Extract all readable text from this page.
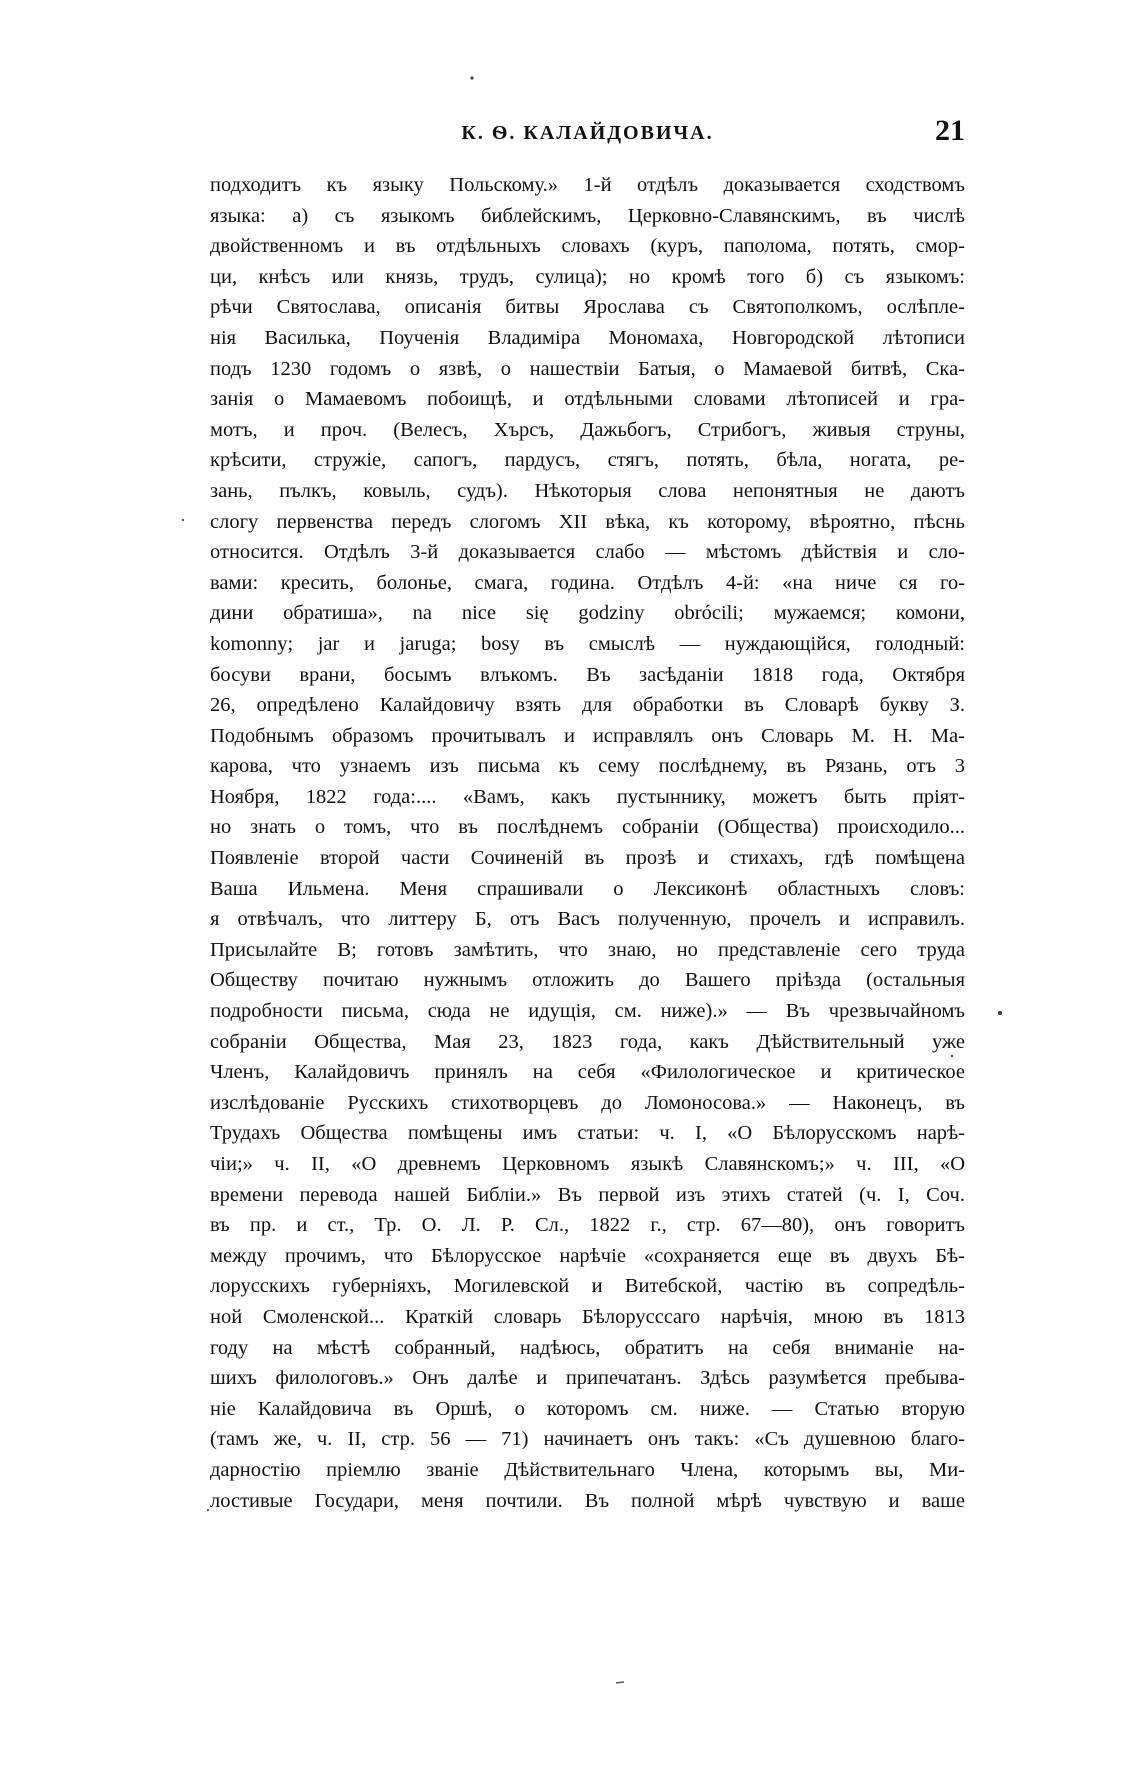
К. Ѳ. КАЛАЙДОВИЧА.	21
подходитъ къ языку Польскому.» 1-й отдѣлъ доказывается сходствомъ
языка: а) съ языкомъ библейскимъ, Церковно-Славянскимъ, въ числѣ
двойственномъ и въ отдѣльныхъ словахъ (куръ, паполома, потять, смор-
ци, кнѣсъ или князь, трудъ, сулица); но кромѣ того б) съ языкомъ:
рѣчи Святослава, описанія битвы Ярослава съ Святополкомъ, ослѣпле-
нія Василька, Поученія Владиміра Мономаха, Новгородской лѣтописи
подъ 1230 годомъ о язвѣ, о нашествіи Батыя, о Мамаевой битвѣ, Ска-
занія о Мамаевомъ побоищѣ, и отдѣльными словами лѣтописей и гра-
мотъ, и проч. (Велесъ, Хърсъ, Дажьбогъ, Стрибогъ, живыя струны,
крѣсити, стружіе, сапогъ, пардусъ, стягъ, потять, бѣла, ногата, ре-
зань, пълкъ, ковыль, судъ). Нѣкоторыя слова непонятныя не даютъ
слогу первенства передъ слогомъ XII вѣка, къ которому, вѣроятно, пѣснь
относится. Отдѣлъ 3-й доказывается слабо — мѣстомъ дѣйствія и сло-
вами: кресить, болонье, смага, година. Отдѣлъ 4-й: «на ниче ся го-
дини обратиша», na nice się godziny obrócili; мужаемся; комони,
komonny; jar и jaruga; bosy въ смыслѣ — нуждающійся, голодный:
босуви врани, босымъ влъкомъ. Въ засѣданіи 1818 года, Октября
26, опредѣлено Калайдовичу взять для обработки въ Словарѣ букву З.
Подобнымъ образомъ прочитывалъ и исправлялъ онъ Словарь М. Н. Ма-
карова, что узнаемъ изъ письма къ сему послѣднему, въ Рязань, отъ 3
Ноября, 1822 года:.... «Вамъ, какъ пустыннику, можетъ быть пріят-
но знать о томъ, что въ послѣднемъ собраніи (Общества) происходило...
Появленіе второй части Сочиненій въ прозѣ и стихахъ, гдѣ помѣщена
Ваша Ильмена. Меня спрашивали о Лексиконѣ областныхъ словъ:
я отвѣчалъ, что литтеру Б, отъ Васъ полученную, прочелъ и исправилъ.
Присылайте В; готовъ замѣтить, что знаю, но представленіе сего труда
Обществу почитаю нужнымъ отложить до Вашего пріѣзда (остальныя
подробности письма, сюда не идущія, см. ниже).» — Въ чрезвычайномъ
собраніи Общества, Мая 23, 1823 года, какъ Дѣйствительный уже
Членъ, Калайдовичъ принялъ на себя «Филологическое и критическое
изслѣдованіе Русскихъ стихотворцевъ до Ломоносова.» — Наконецъ, въ
Трудахъ Общества помѣщены имъ статьи: ч. I, «О Бѣлорусскомъ нарѣ-
чіи;» ч. II, «О древнемъ Церковномъ языкѣ Славянскомъ;» ч. III, «О
времени перевода нашей Библіи.» Въ первой изъ этихъ статей (ч. I, Соч.
въ пр. и ст., Тр. О. Л. Р. Сл., 1822 г., стр. 67—80), онъ говоритъ
между прочимъ, что Бѣлорусское нарѣчіе «сохраняется еще въ двухъ Бѣ-
лорусскихъ губерніяхъ, Могилевской и Витебской, частію въ сопредѣль-
ной Смоленской... Краткій словарь Бѣлоруссcaго нарѣчія, мною въ 1813
году на мѣстѣ собранный, надѣюсь, обратитъ на себя вниманіе на-
шихъ филологовъ.» Онъ далѣе и припечатанъ. Здѣсь разумѣется пребыва-
ніе Калайдовича въ Оршѣ, о которомъ см. ниже. — Статью вторую
(тамъ же, ч. II, стр. 56 — 71) начинаетъ онъ такъ: «Съ душевною благо-
дарностію пріемлю званіе Дѣйствительнаго Члена, которымъ вы, Ми-
лостивые Государи, меня почтили. Въ полной мѣрѣ чувствую и ваше
